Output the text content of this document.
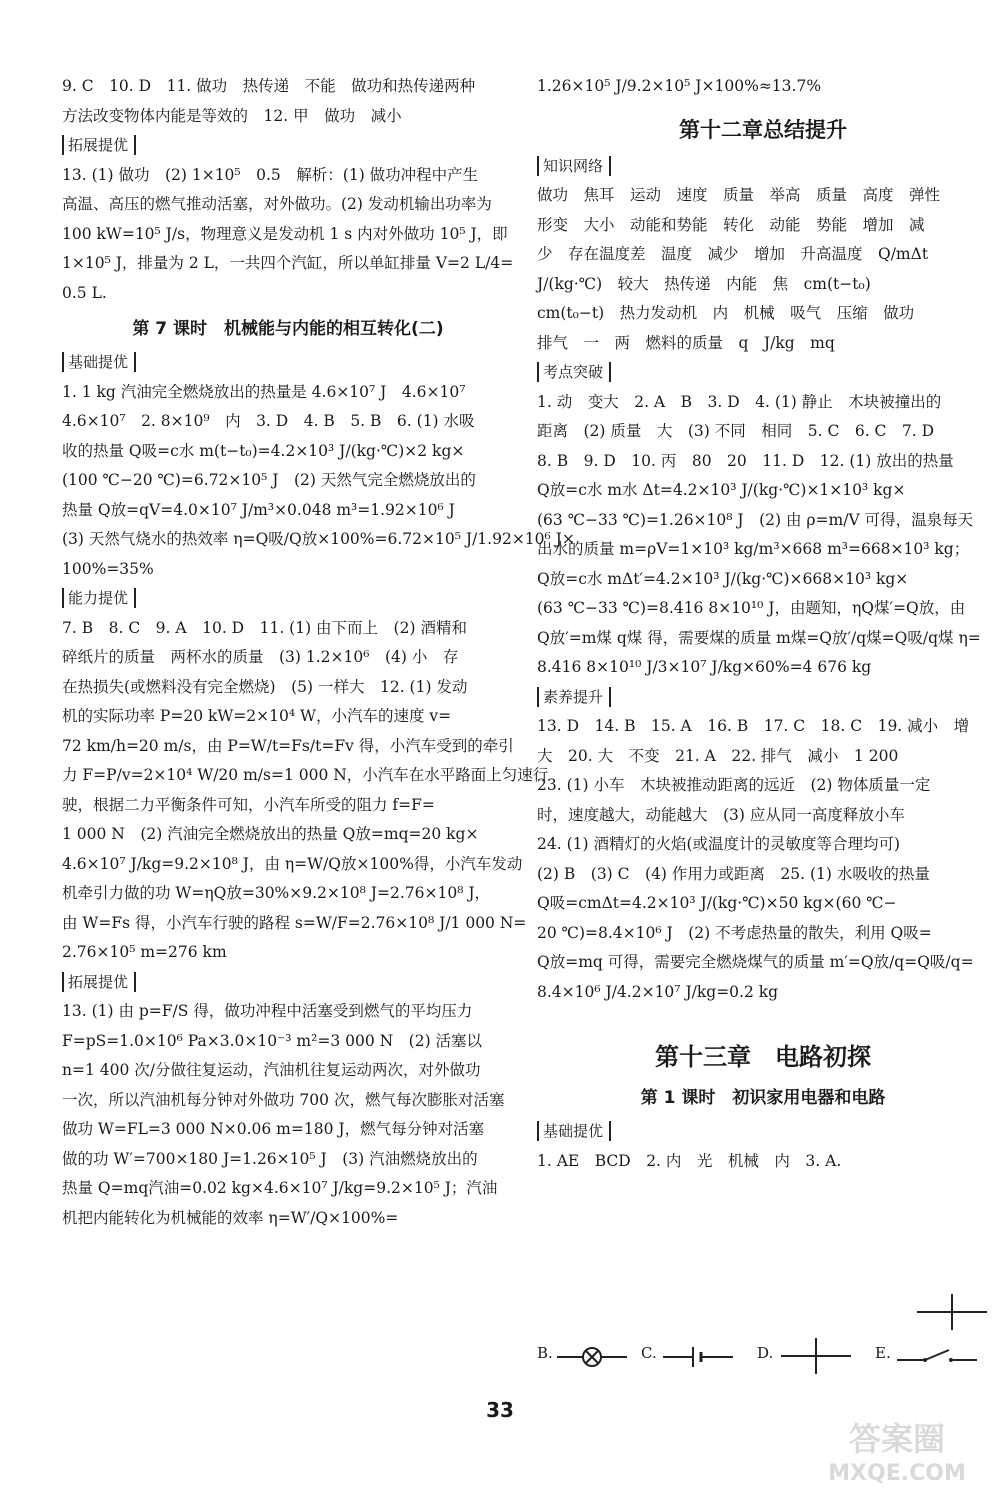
9. C　10. D　11. 做功　热传递　不能　做功和热传递两种
方法改变物体内能是等效的　12. 甲　做功　减小
拓展提优
13. (1) 做功　(2) 1×10⁵　0.5　解析：(1) 做功冲程中产生
高温、高压的燃气推动活塞，对外做功。(2) 发动机输出功率为
100 kW=10⁵ J/s，物理意义是发动机 1 s 内对外做功 10⁵ J，即
1×10⁵ J，排量为 2 L，一共四个汽缸，所以单缸排量 V=2 L/4=
0.5 L.
第 7 课时　机械能与内能的相互转化(二)
基础提优
1. 1 kg 汽油完全燃烧放出的热量是 4.6×10⁷ J　4.6×10⁷
4.6×10⁷　2. 8×10⁹　内　3. D　4. B　5. B　6. (1) 水吸
收的热量 Q吸=c水 m(t−t₀)=4.2×10³ J/(kg·℃)×2 kg×
(100 ℃−20 ℃)=6.72×10⁵ J　(2) 天然气完全燃烧放出的
热量 Q放=qV=4.0×10⁷ J/m³×0.048 m³=1.92×10⁶ J
(3) 天然气烧水的热效率 η=Q吸/Q放×100%=6.72×10⁵ J/1.92×10⁶ J×
100%=35%
能力提优
7. B　8. C　9. A　10. D　11. (1) 由下而上　(2) 酒精和
碎纸片的质量　两杯水的质量　(3) 1.2×10⁶　(4) 小　存
在热损失(或燃料没有完全燃烧)　(5) 一样大　12. (1) 发动
机的实际功率 P=20 kW=2×10⁴ W，小汽车的速度 v=
72 km/h=20 m/s，由 P=W/t=Fs/t=Fv 得，小汽车受到的牵引
力 F=P/v=2×10⁴ W/20 m/s=1 000 N，小汽车在水平路面上匀速行
驶，根据二力平衡条件可知，小汽车所受的阻力 f=F=
1 000 N　(2) 汽油完全燃烧放出的热量 Q放=mq=20 kg×
4.6×10⁷ J/kg=9.2×10⁸ J，由 η=W/Q放×100%得，小汽车发动
机牵引力做的功 W=ηQ放=30%×9.2×10⁸ J=2.76×10⁸ J，
由 W=Fs 得，小汽车行驶的路程 s=W/F=2.76×10⁸ J/1 000 N=
2.76×10⁵ m=276 km
拓展提优
13. (1) 由 p=F/S 得，做功冲程中活塞受到燃气的平均压力
F=pS=1.0×10⁶ Pa×3.0×10⁻³ m²=3 000 N　(2) 活塞以
n=1 400 次/分做往复运动，汽油机往复运动两次，对外做功
一次，所以汽油机每分钟对外做功 700 次，燃气每次膨胀对活塞
做功 W=FL=3 000 N×0.06 m=180 J，燃气每分钟对活塞
做的功 W′=700×180 J=1.26×10⁵ J　(3) 汽油燃烧放出的
热量 Q=mq汽油=0.02 kg×4.6×10⁷ J/kg=9.2×10⁵ J；汽油
机把内能转化为机械能的效率 η=W′/Q×100%=
1.26×10⁵ J/9.2×10⁵ J×100%≈13.7%
第十二章总结提升
知识网络
做功　焦耳　运动　速度　质量　举高　质量　高度　弹性
形变　大小　动能和势能　转化　动能　势能　增加　减
少　存在温度差　温度　减少　增加　升高温度　Q/mΔt
J/(kg·℃)　较大　热传递　内能　焦　cm(t−t₀)
cm(t₀−t)　热力发动机　内　机械　吸气　压缩　做功
排气　一　两　燃料的质量　q　J/kg　mq
考点突破
1. 动　变大　2. A　B　3. D　4. (1) 静止　木块被撞出的
距离　(2) 质量　大　(3) 不同　相同　5. C　6. C　7. D
8. B　9. D　10. 丙　80　20　11. D　12. (1) 放出的热量
Q放=c水 m水 Δt=4.2×10³ J/(kg·℃)×1×10³ kg×
(63 ℃−33 ℃)=1.26×10⁸ J　(2) 由 ρ=m/V 可得，温泉每天
出水的质量 m=ρV=1×10³ kg/m³×668 m³=668×10³ kg；
Q放=c水 mΔt′=4.2×10³ J/(kg·℃)×668×10³ kg×
(63 ℃−33 ℃)=8.416 8×10¹⁰ J，由题知，ηQ煤′=Q放，由
Q放′=m煤 q煤 得，需要煤的质量 m煤=Q放′/q煤=Q吸/q煤 η=
8.416 8×10¹⁰ J/3×10⁷ J/kg×60%=4 676 kg
素养提升
13. D　14. B　15. A　16. B　17. C　18. C　19. 减小　增
大　20. 大　不变　21. A　22. 排气　减小　1 200
23. (1) 小车　木块被推动距离的远近　(2) 物体质量一定
时，速度越大，动能越大　(3) 应从同一高度释放小车
24. (1) 酒精灯的火焰(或温度计的灵敏度等合理均可)
(2) B　(3) C　(4) 作用力或距离　25. (1) 水吸收的热量
Q吸=cmΔt=4.2×10³ J/(kg·℃)×50 kg×(60 ℃−
20 ℃)=8.4×10⁶ J　(2) 不考虑热量的散失，利用 Q吸=
Q放=mq 可得，需要完全燃烧煤气的质量 m′=Q放/q=Q吸/q=
8.4×10⁶ J/4.2×10⁷ J/kg=0.2 kg
第十三章　电路初探
第 1 课时　初识家用电器和电路
基础提优
1. AE　BCD　2. 内　光　机械　内　3. A.
B.	C.	D.	E.
33
答案圈
MXQE.COM
